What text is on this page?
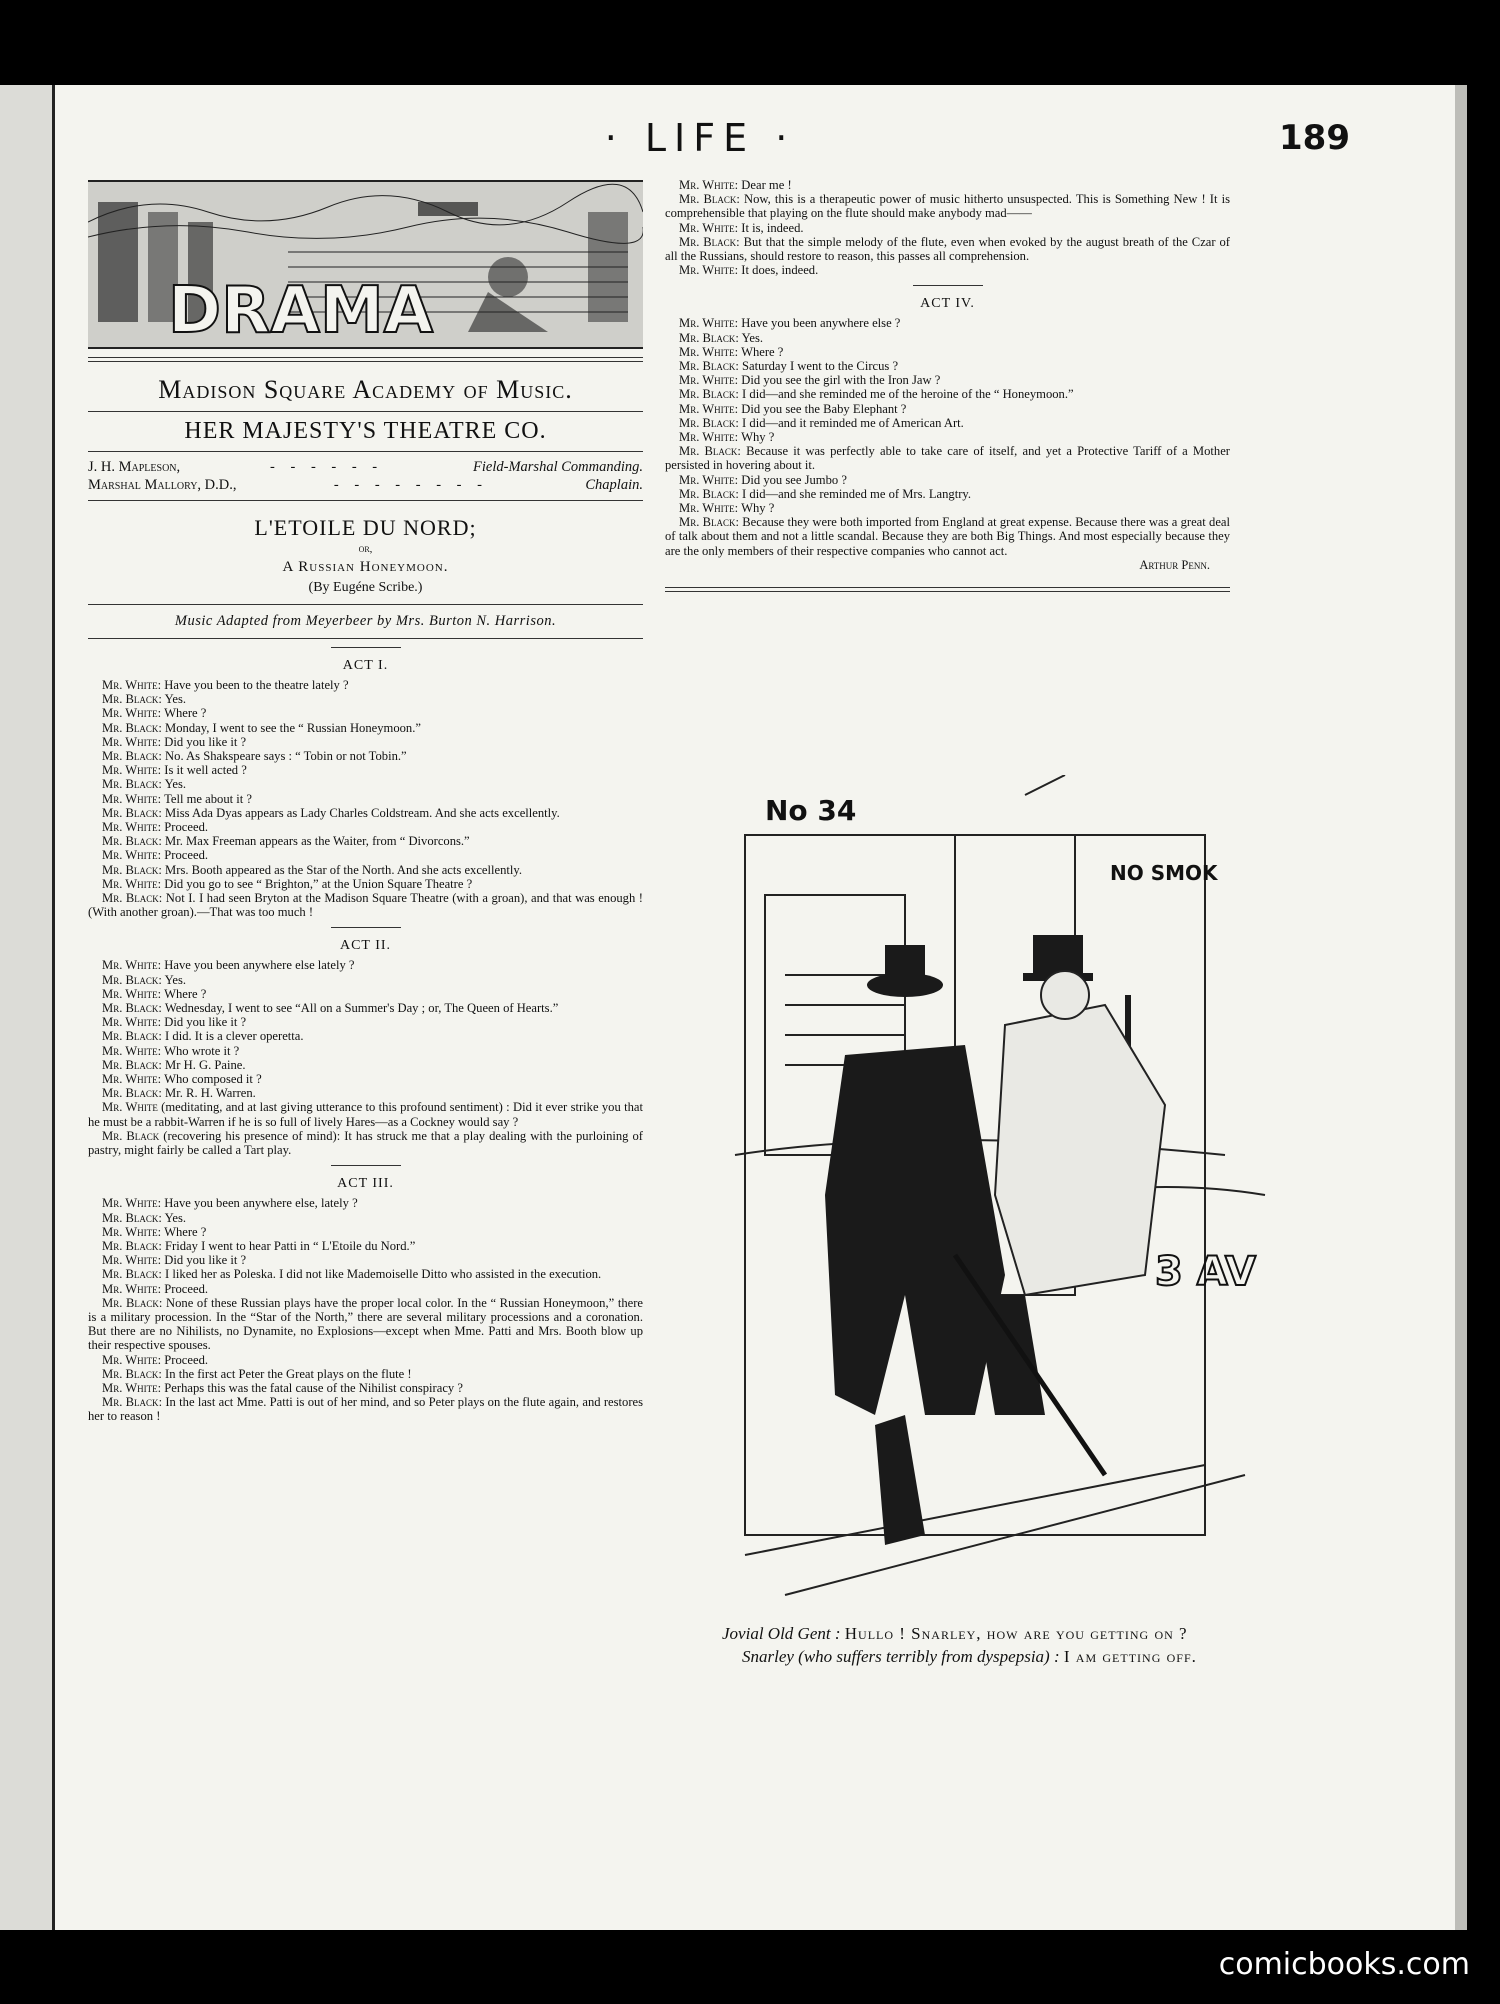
· LIFE ·	189
DRAMA
Madison Square Academy of Music.
HER MAJESTY'S THEATRE CO.
J. H. Mapleson,	- - - - - -	Field-Marshal Commanding.
Marshal Mallory, D.D.,	- - - - - - - -	Chaplain.
L'ETOILE DU NORD;
or,
A Russian Honeymoon.
(By Eugéne Scribe.)
Music Adapted from Meyerbeer by Mrs. Burton N. Harrison.
ACT I.
Mr. White: Have you been to the theatre lately ?
Mr. Black: Yes.
Mr. White: Where ?
Mr. Black: Monday, I went to see the “ Russian Honeymoon.”
Mr. White: Did you like it ?
Mr. Black: No. As Shakspeare says : “ Tobin or not Tobin.”
Mr. White: Is it well acted ?
Mr. Black: Yes.
Mr. White: Tell me about it ?
Mr. Black: Miss Ada Dyas appears as Lady Charles Coldstream. And she acts excellently.
Mr. White: Proceed.
Mr. Black: Mr. Max Freeman appears as the Waiter, from “ Divorcons.”
Mr. White: Proceed.
Mr. Black: Mrs. Booth appeared as the Star of the North. And she acts excellently.
Mr. White: Did you go to see “ Brighton,” at the Union Square Theatre ?
Mr. Black: Not I. I had seen Bryton at the Madison Square Theatre (with a groan), and that was enough ! (With another groan).—That was too much !
ACT II.
Mr. White: Have you been anywhere else lately ?
Mr. Black: Yes.
Mr. White: Where ?
Mr. Black: Wednesday, I went to see “All on a Summer's Day ; or, The Queen of Hearts.”
Mr. White: Did you like it ?
Mr. Black: I did. It is a clever operetta.
Mr. White: Who wrote it ?
Mr. Black: Mr H. G. Paine.
Mr. White: Who composed it ?
Mr. Black: Mr. R. H. Warren.
Mr. White (meditating, and at last giving utterance to this profound sentiment) : Did it ever strike you that he must be a rabbit-Warren if he is so full of lively Hares—as a Cockney would say ?
Mr. Black (recovering his presence of mind): It has struck me that a play dealing with the purloining of pastry, might fairly be called a Tart play.
ACT III.
Mr. White: Have you been anywhere else, lately ?
Mr. Black: Yes.
Mr. White: Where ?
Mr. Black: Friday I went to hear Patti in “ L'Etoile du Nord.”
Mr. White: Did you like it ?
Mr. Black: I liked her as Poleska. I did not like Mademoiselle Ditto who assisted in the execution.
Mr. White: Proceed.
Mr. Black: None of these Russian plays have the proper local color. In the “ Russian Honeymoon,” there is a military procession. In the “Star of the North,” there are several military processions and a coronation. But there are no Nihilists, no Dynamite, no Explosions—except when Mme. Patti and Mrs. Booth blow up their respective spouses.
Mr. White: Proceed.
Mr. Black: In the first act Peter the Great plays on the flute !
Mr. White: Perhaps this was the fatal cause of the Nihilist conspiracy ?
Mr. Black: In the last act Mme. Patti is out of her mind, and so Peter plays on the flute again, and restores her to reason !
Mr. White: Dear me !
Mr. Black: Now, this is a therapeutic power of music hitherto unsuspected. This is Something New ! It is comprehensible that playing on the flute should make anybody mad——
Mr. White: It is, indeed.
Mr. Black: But that the simple melody of the flute, even when evoked by the august breath of the Czar of all the Russians, should restore to reason, this passes all comprehension.
Mr. White: It does, indeed.
ACT IV.
Mr. White: Have you been anywhere else ?
Mr. Black: Yes.
Mr. White: Where ?
Mr. Black: Saturday I went to the Circus ?
Mr. White: Did you see the girl with the Iron Jaw ?
Mr. Black: I did—and she reminded me of the heroine of the “ Honeymoon.”
Mr. White: Did you see the Baby Elephant ?
Mr. Black: I did—and it reminded me of American Art.
Mr. White: Why ?
Mr. Black: Because it was perfectly able to take care of itself, and yet a Protective Tariff of a Mother persisted in hovering about it.
Mr. White: Did you see Jumbo ?
Mr. Black: I did—and she reminded me of Mrs. Langtry.
Mr. White: Why ?
Mr. Black: Because they were both imported from England at great expense. Because there was a great deal of talk about them and not a little scandal. Because they are both Big Things. And most especially because they are the only members of their respective companies who cannot act.
Arthur Penn.
No 34
NO SMOK
3 AV
Jovial Old Gent : Hullo ! Snarley, how are you getting on ?
Snarley (who suffers terribly from dyspepsia) : I am getting off.
comicbooks.com
